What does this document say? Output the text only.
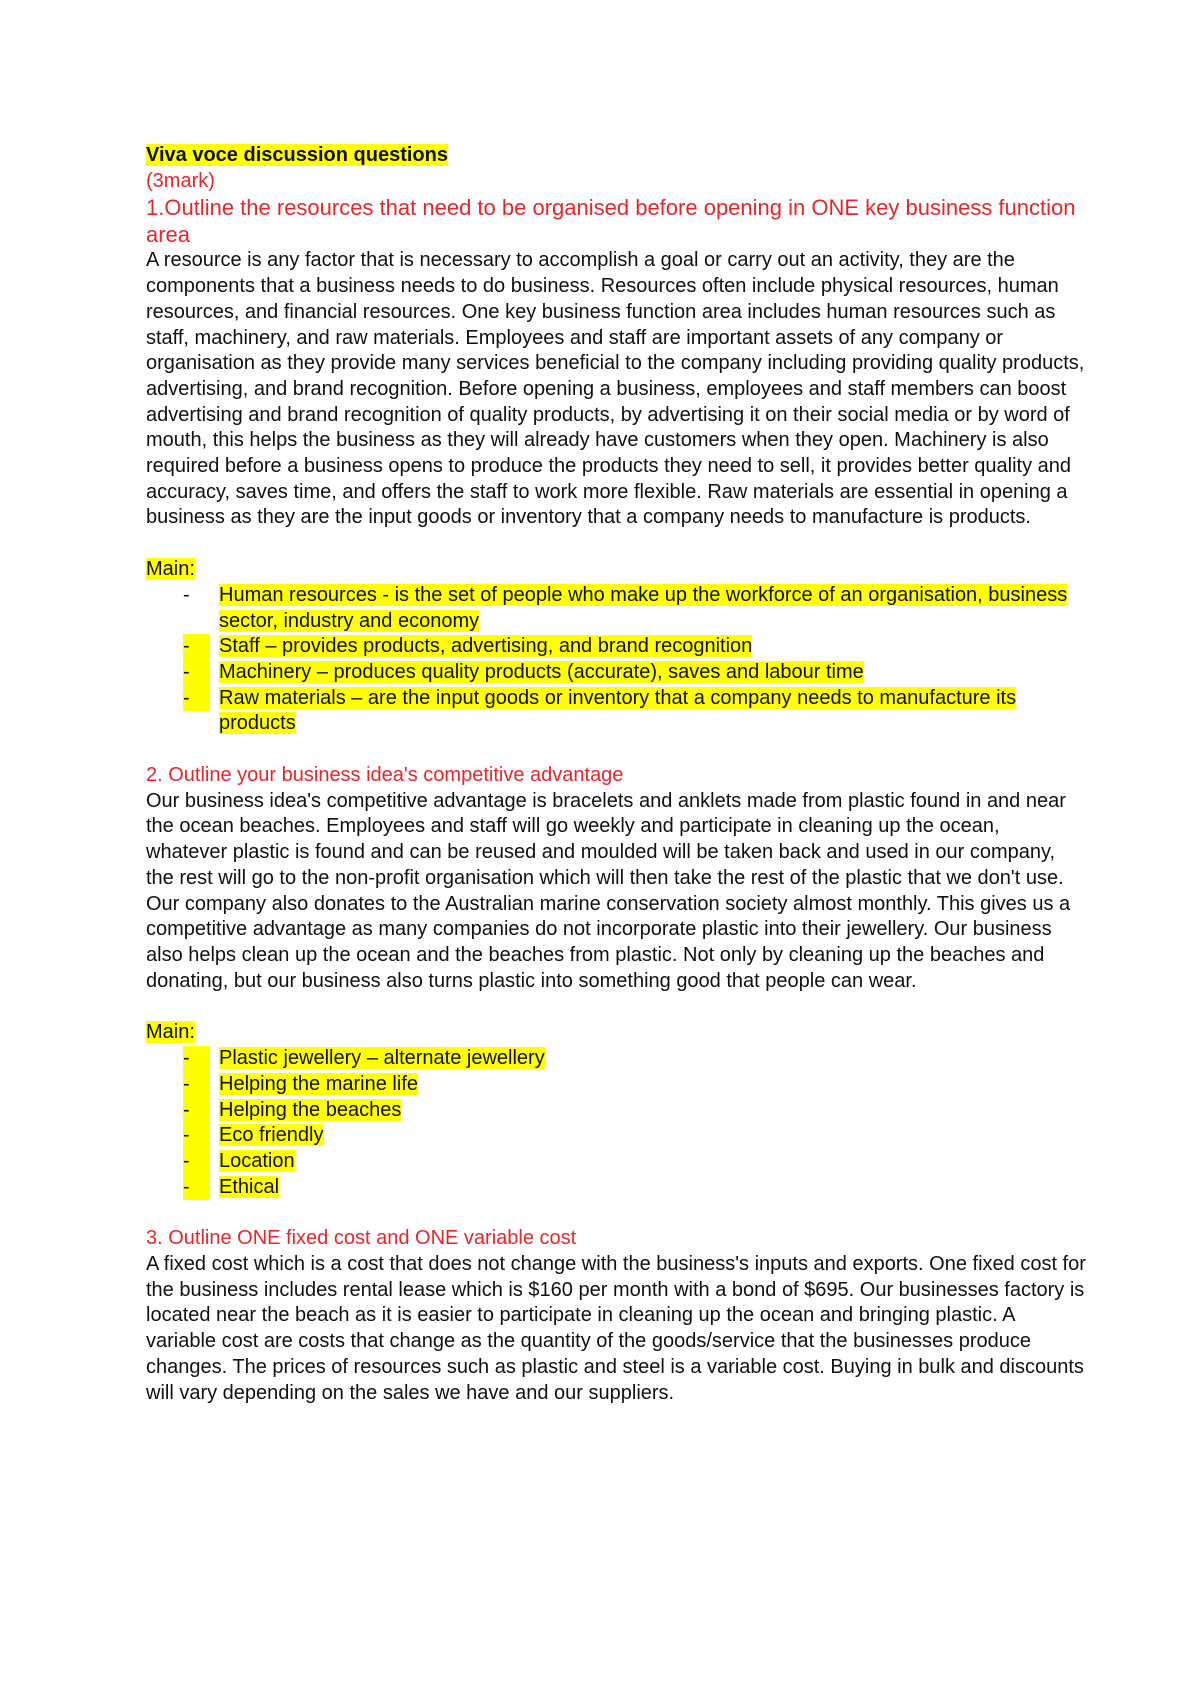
Viva voce discussion questions

(3mark)

1.Outline the resources that need to be organised before opening in ONE key business function area

A resource is any factor that is necessary to accomplish a goal or carry out an activity, they are the components that a business needs to do business. Resources often include physical resources, human resources, and financial resources. One key business function area includes human resources such as staff, machinery, and raw materials. Employees and staff are important assets of any company or organisation as they provide many services beneficial to the company including providing quality products, advertising, and brand recognition. Before opening a business, employees and staff members can boost advertising and brand recognition of quality products, by advertising it on their social media or by word of mouth, this helps the business as they will already have customers when they open. Machinery is also required before a business opens to produce the products they need to sell, it provides better quality and accuracy, saves time, and offers the staff to work more flexible. Raw materials are essential in opening a business as they are the input goods or inventory that a company needs to manufacture is products.

Main:
- Human resources - is the set of people who make up the workforce of an organisation, business sector, industry and economy
-	Staff – provides products, advertising, and brand recognition
-	Machinery – produces quality products (accurate), saves and labour time
-	Raw materials – are the input goods or inventory that a company needs to manufacture its products

2. Outline your business idea's competitive advantage

Our business idea's competitive advantage is bracelets and anklets made from plastic found in and near the ocean beaches. Employees and staff will go weekly and participate in cleaning up the ocean, whatever plastic is found and can be reused and moulded will be taken back and used in our company, the rest will go to the non-profit organisation which will then take the rest of the plastic that we don't use. Our company also donates to the Australian marine conservation society almost monthly. This gives us a competitive advantage as many companies do not incorporate plastic into their jewellery. Our business also helps clean up the ocean and the beaches from plastic. Not only by cleaning up the beaches and donating, but our business also turns plastic into something good that people can wear.

Main:
-	Plastic jewellery – alternate jewellery
-	Helping the marine life
-	Helping the beaches
-	Eco friendly
-	Location
-	Ethical

3. Outline ONE fixed cost and ONE variable cost

A fixed cost which is a cost that does not change with the business's inputs and exports. One fixed cost for the business includes rental lease which is $160 per month with a bond of $695. Our businesses factory is located near the beach as it is easier to participate in cleaning up the ocean and bringing plastic. A variable cost are costs that change as the quantity of the goods/service that the businesses produce changes. The prices of resources such as plastic and steel is a variable cost. Buying in bulk and discounts will vary depending on the sales we have and our suppliers.
